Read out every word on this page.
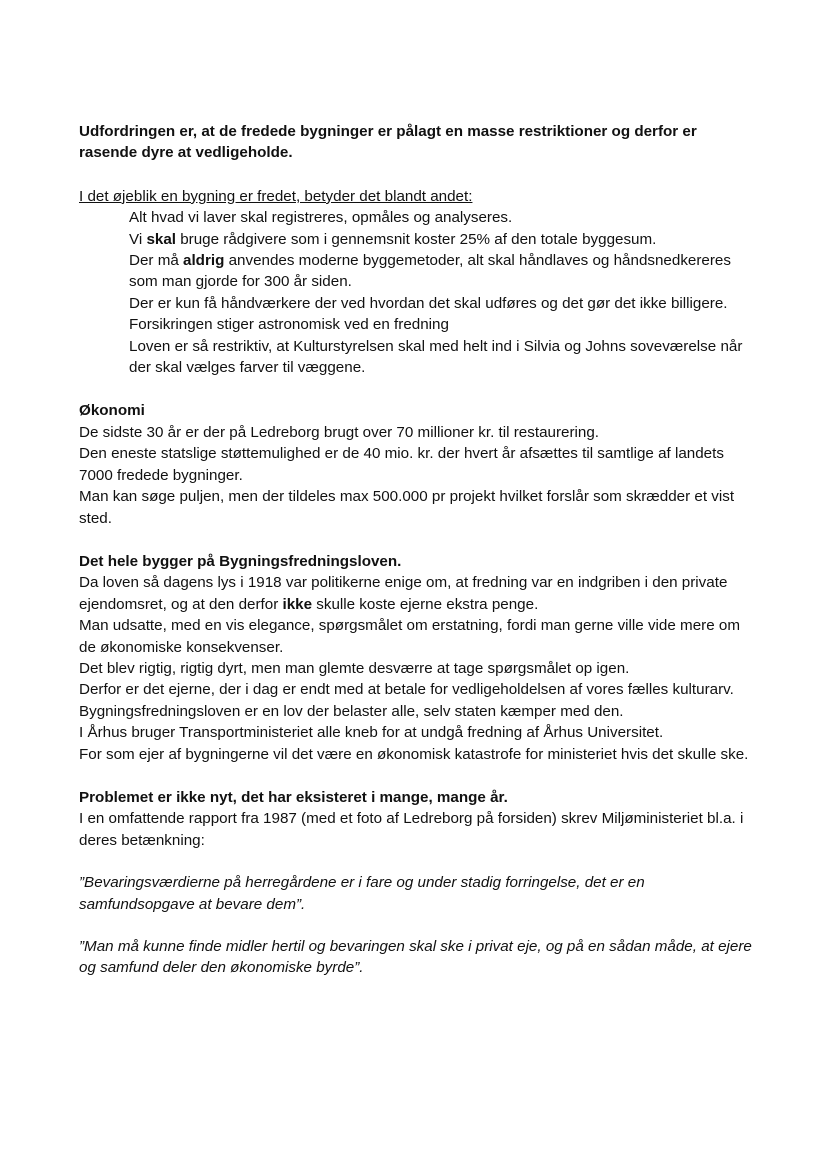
Udfordringen er, at de fredede bygninger er pålagt en masse restriktioner og derfor er rasende dyre at vedligeholde.

I det øjeblik en bygning er fredet, betyder det blandt andet:

Alt hvad vi laver skal registreres, opmåles og analyseres.

Vi skal bruge rådgivere som i gennemsnit koster 25% af den totale byggesum.

Der må aldrig anvendes moderne byggemetoder, alt skal håndlaves og håndsnedkereres som man gjorde for 300 år siden.

Der er kun få håndværkere der ved hvordan det skal udføres og det gør det ikke billigere.

Forsikringen stiger astronomisk ved en fredning

Loven er så restriktiv, at Kulturstyrelsen skal med helt ind i Silvia og Johns soveværelse når der skal vælges farver til væggene.

Økonomi

De sidste 30 år er der på Ledreborg brugt over 70 millioner kr. til restaurering.

Den eneste statslige støttemulighed er de 40 mio. kr. der hvert år afsættes til samtlige af landets 7000 fredede bygninger.

Man kan søge puljen, men der tildeles max 500.000 pr projekt hvilket forslår som skrædder et vist sted.

Det hele bygger på Bygningsfredningsloven.

Da loven så dagens lys i 1918 var politikerne enige om, at fredning var en indgriben i den private ejendomsret, og at den derfor ikke skulle koste ejerne ekstra penge.

Man udsatte, med en vis elegance, spørgsmålet om erstatning, fordi man gerne ville vide mere om de økonomiske konsekvenser.

Det blev rigtig, rigtig dyrt, men man glemte desværre at tage spørgsmålet op igen.

Derfor er det ejerne, der i dag er endt med at betale for vedligeholdelsen af vores fælles kulturarv.

Bygningsfredningsloven er en lov der belaster alle, selv staten kæmper med den.

I Århus bruger Transportministeriet alle kneb for at undgå fredning af Århus Universitet.

For som ejer af bygningerne vil det være en økonomisk katastrofe for ministeriet hvis det skulle ske.

Problemet er ikke nyt, det har eksisteret i mange, mange år.

I en omfattende rapport fra 1987 (med et foto af Ledreborg på forsiden) skrev Miljøministeriet bl.a. i deres betænkning:

”Bevaringsværdierne på herregårdene er i fare og under stadig forringelse, det er en samfundsopgave at bevare dem”.

”Man må kunne finde midler hertil og bevaringen skal ske i privat eje, og på en sådan måde, at ejere og samfund deler den økonomiske byrde”.
